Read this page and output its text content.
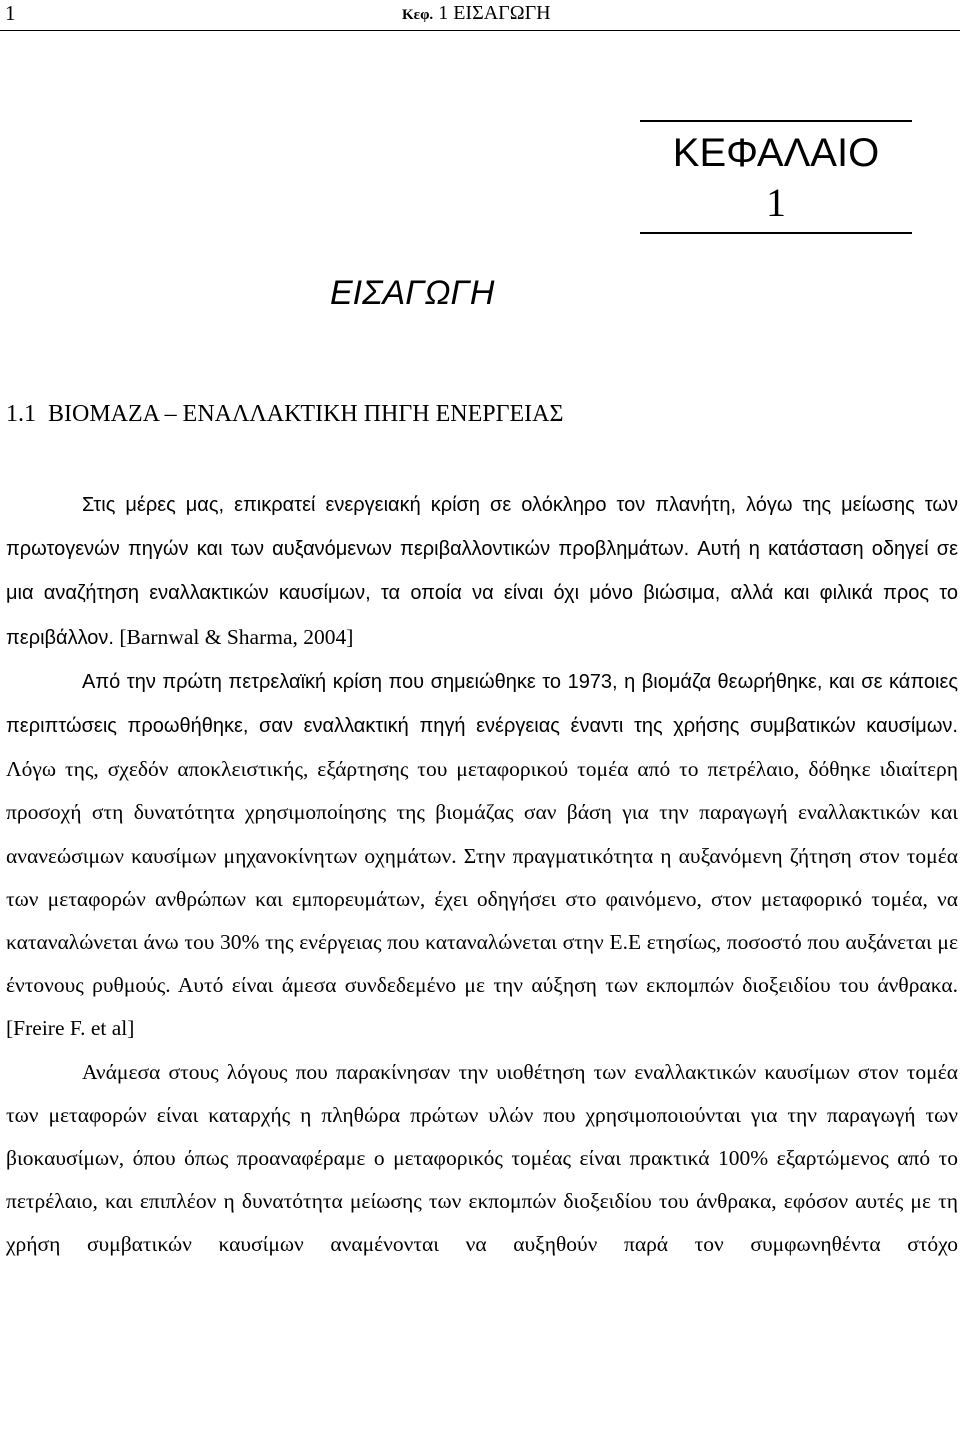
1	Κεφ. 1 ΕΙΣΑΓΩΓΗ
ΚΕΦΑΛΑΙΟ
1
ΕΙΣΑΓΩΓΗ
1.1 ΒΙΟΜΑΖΑ – ΕΝΑΛΛΑΚΤΙΚΗ ΠΗΓΗ ΕΝΕΡΓΕΙΑΣ

Στις μέρες μας, επικρατεί ενεργειακή κρίση σε ολόκληρο τον πλανήτη, λόγω της μείωσης των πρωτογενών πηγών και των αυξανόμενων περιβαλλοντικών προβλημάτων. Αυτή η κατάσταση οδηγεί σε μια αναζήτηση εναλλακτικών καυσίμων, τα οποία να είναι όχι μόνο βιώσιμα, αλλά και φιλικά προς το περιβάλλον. [Barnwal & Sharma, 2004]

Από την πρώτη πετρελαϊκή κρίση που σημειώθηκε το 1973, η βιομάζα θεωρήθηκε, και σε κάποιες περιπτώσεις προωθήθηκε, σαν εναλλακτική πηγή ενέργειας έναντι της χρήσης συμβατικών καυσίμων. Λόγω της, σχεδόν αποκλειστικής, εξάρτησης του μεταφορικού τομέα από το πετρέλαιο, δόθηκε ιδιαίτερη προσοχή στη δυνατότητα χρησιμοποίησης της βιομάζας σαν βάση για την παραγωγή εναλλακτικών και ανανεώσιμων καυσίμων μηχανοκίνητων οχημάτων. Στην πραγματικότητα η αυξανόμενη ζήτηση στον τομέα των μεταφορών ανθρώπων και εμπορευμάτων, έχει οδηγήσει στο φαινόμενο, στον μεταφορικό τομέα, να καταναλώνεται άνω του 30% της ενέργειας που καταναλώνεται στην Ε.Ε ετησίως, ποσοστό που αυξάνεται με έντονους ρυθμούς. Αυτό είναι άμεσα συνδεδεμένο με την αύξηση των εκπομπών διοξειδίου του άνθρακα. [Freire F. et al]

Ανάμεσα στους λόγους που παρακίνησαν την υιοθέτηση των εναλλακτικών καυσίμων στον τομέα των μεταφορών είναι καταρχής η πληθώρα πρώτων υλών που χρησιμοποιούνται για την παραγωγή των βιοκαυσίμων, όπου όπως προαναφέραμε ο μεταφορικός τομέας είναι πρακτικά 100% εξαρτώμενος από το πετρέλαιο, και επιπλέον η δυνατότητα μείωσης των εκπομπών διοξειδίου του άνθρακα, εφόσον αυτές με τη χρήση συμβατικών καυσίμων αναμένονται να αυξηθούν παρά τον συμφωνηθέντα στόχο
